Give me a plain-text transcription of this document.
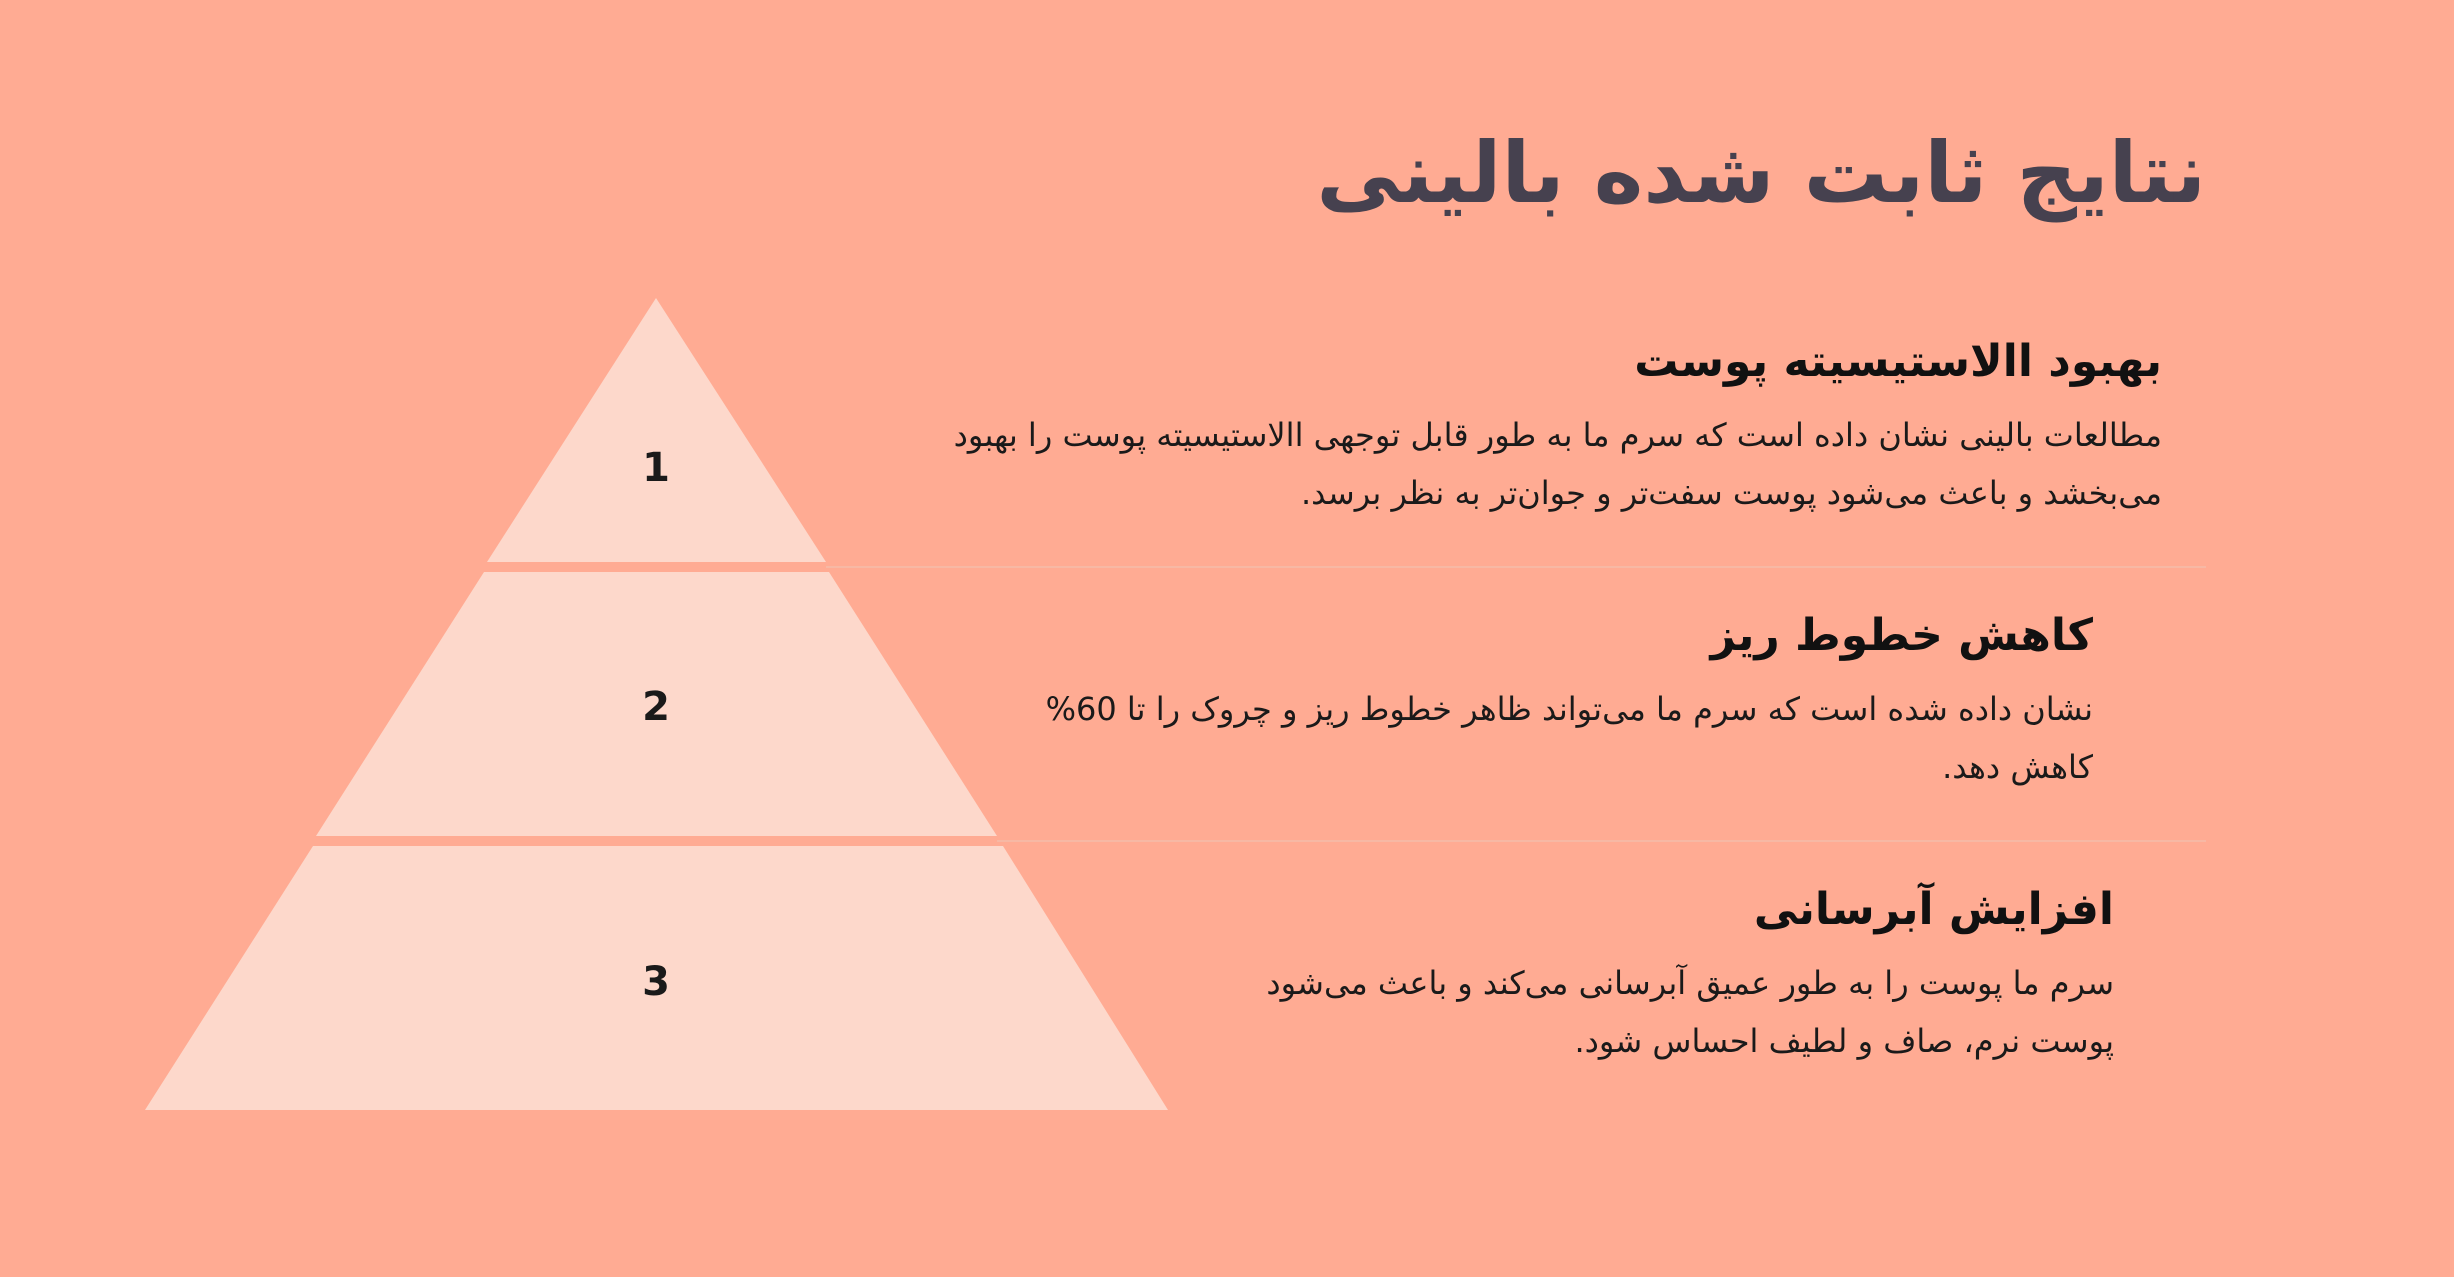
نتایج ثابت شده بالینی
1
2
3
بهبود االاستیسیته پوست

مطالعات بالینی نشان داده است که سرم ما به طور قابل توجهی االاستیسیته پوست را بهبود می‌بخشد و باعث می‌شود پوست سفت‌تر و جوان‌تر به نظر برسد.

کاهش خطوط ریز

نشان داده شده است که سرم ما می‌تواند ظاهر خطوط ریز و چروک را تا 60% کاهش دهد.

افزایش آبرسانی

سرم ما پوست را به طور عمیق آبرسانی می‌کند و باعث می‌شود پوست نرم، صاف و لطیف احساس شود.
